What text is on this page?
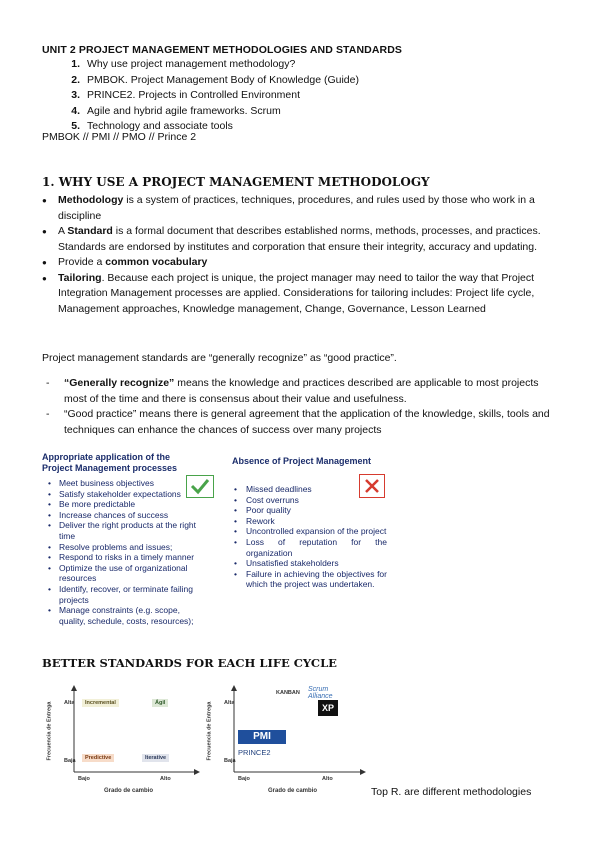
UNIT 2 PROJECT MANAGEMENT METHODOLOGIES AND STANDARDS
1. Why use project management methodology?
2. PMBOK. Project Management Body of Knowledge (Guide)
3. PRINCE2. Projects in Controlled Environment
4. Agile and hybrid agile frameworks. Scrum
5. Technology and associate tools
PMBOK // PMI // PMO // Prince 2
1. WHY USE A PROJECT MANAGEMENT METHODOLOGY
● Methodology is a system of practices, techniques, procedures, and rules used by those who work in a discipline
● A Standard is a formal document that describes established norms, methods, processes, and practices. Standards are endorsed by institutes and corporation that ensure their integrity, accuracy and updating.
● Provide a common vocabulary
● Tailoring. Because each project is unique, the project manager may need to tailor the way that Project Integration Management processes are applied. Considerations for tailoring includes: Project life cycle, Management approaches, Knowledge management, Change, Governance, Lesson Learned
Project management standards are “generally recognize” as “good practice”.
- “Generally recognize” means the knowledge and practices described are applicable to most projects most of the time and there is consensus about their value and usefulness.
- “Good practice” means there is general agreement that the application of the knowledge, skills, tools and techniques can enhance the chances of success over many projects
Appropriate application of the Project Management processes
• Meet business objectives
• Satisfy stakeholder expectations
• Be more predictable
• Increase chances of success
• Deliver the right products at the right time
• Resolve problems and issues;
• Respond to risks in a timely manner
• Optimize the use of organizational resources
• Identify, recover, or terminate failing projects
• Manage constraints (e.g. scope, quality, schedule, costs, resources);
Absence of Project Management
• Missed deadlines
• Cost overruns
• Poor quality
• Rework
• Uncontrolled expansion of the project
• Loss of reputation for the organization
• Unsatisfied stakeholders
• Failure in achieving the objectives for which the project was undertaken.
BETTER STANDARDS FOR EACH LIFE CYCLE
Frecuencia de Entrega Alta
Baja
Bajo	Alto
Grado de cambio
Incremental	Ágil
Predictive	Iterative	Frecuencia de Entrega Alta
Baja
Bajo	Alto
Grado de cambio
KANBAN Scrum Alliance
XP
PMI
PRINCE2
Top R. are different methodologies
